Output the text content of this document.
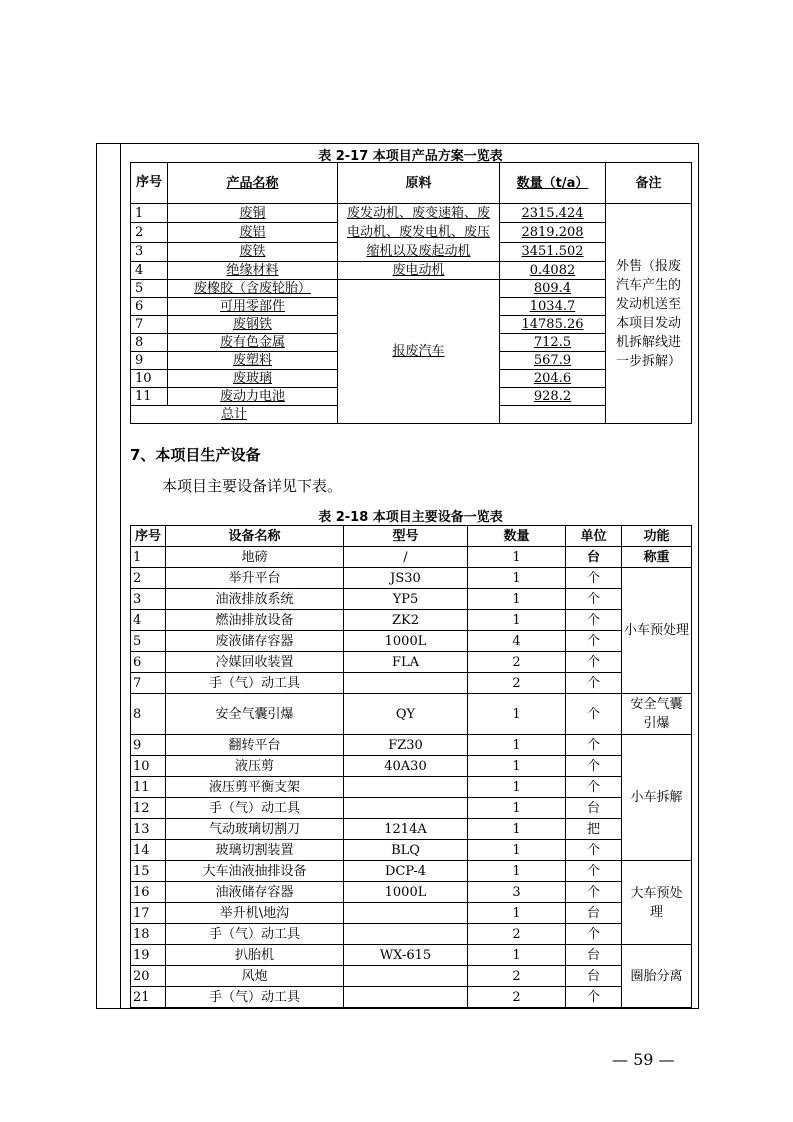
表 2-17 本项目产品方案一览表
序号	产品名称	原料	数量（t/a）	备注	
1	废铜	废发动机、废变速箱、废电动机、废发电机、废压缩机以及废起动机	2315.424	外售（报废汽车产生的发动机送至本项目发动机拆解线进一步拆解）	
2	废铝		2819.208		
3	废铁		3451.502		
4	绝缘材料	废电动机	0.4082		
5	废橡胶（含废轮胎）	报废汽车	809.4		
6	可用零部件		1034.7		
7	废钢铁		14785.26		
8	废有色金属		712.5		
9	废塑料		567.9		
10	废玻璃		204.6		
11	废动力电池		928.2		
总计		
7、本项目生产设备
本项目主要设备详见下表。
表 2-18 本项目主要设备一览表
序号	设备名称	型号	数量	单位	功能
1	地磅	/	1	台	称重
2	举升平台	JS30	1	个	小车预处理
3	油液排放系统	YP5	1	个	
4	燃油排放设备	ZK2	1	个	
5	废液储存容器	1000L	4	个	
6	冷媒回收装置	FLA	2	个	
7	手（气）动工具		2	个	
8	安全气囊引爆	QY	1	个	安全气囊引爆
9	翻转平台	FZ30	1	个	小车拆解
10	液压剪	40A30	1	个	
11	液压剪平衡支架		1	个	
12	手（气）动工具		1	台	
13	气动玻璃切割刀	1214A	1	把	
14	玻璃切割装置	BLQ	1	个	
15	大车油液抽排设备	DCP-4	1	个	大车预处理
16	油液储存容器	1000L	3	个	
17	举升机\地沟		1	台	
18	手（气）动工具		2	个	
19	扒胎机	WX-615	1	台	圈胎分离
20	风炮		2	台	
21	手（气）动工具		2	个	
— 59 —
